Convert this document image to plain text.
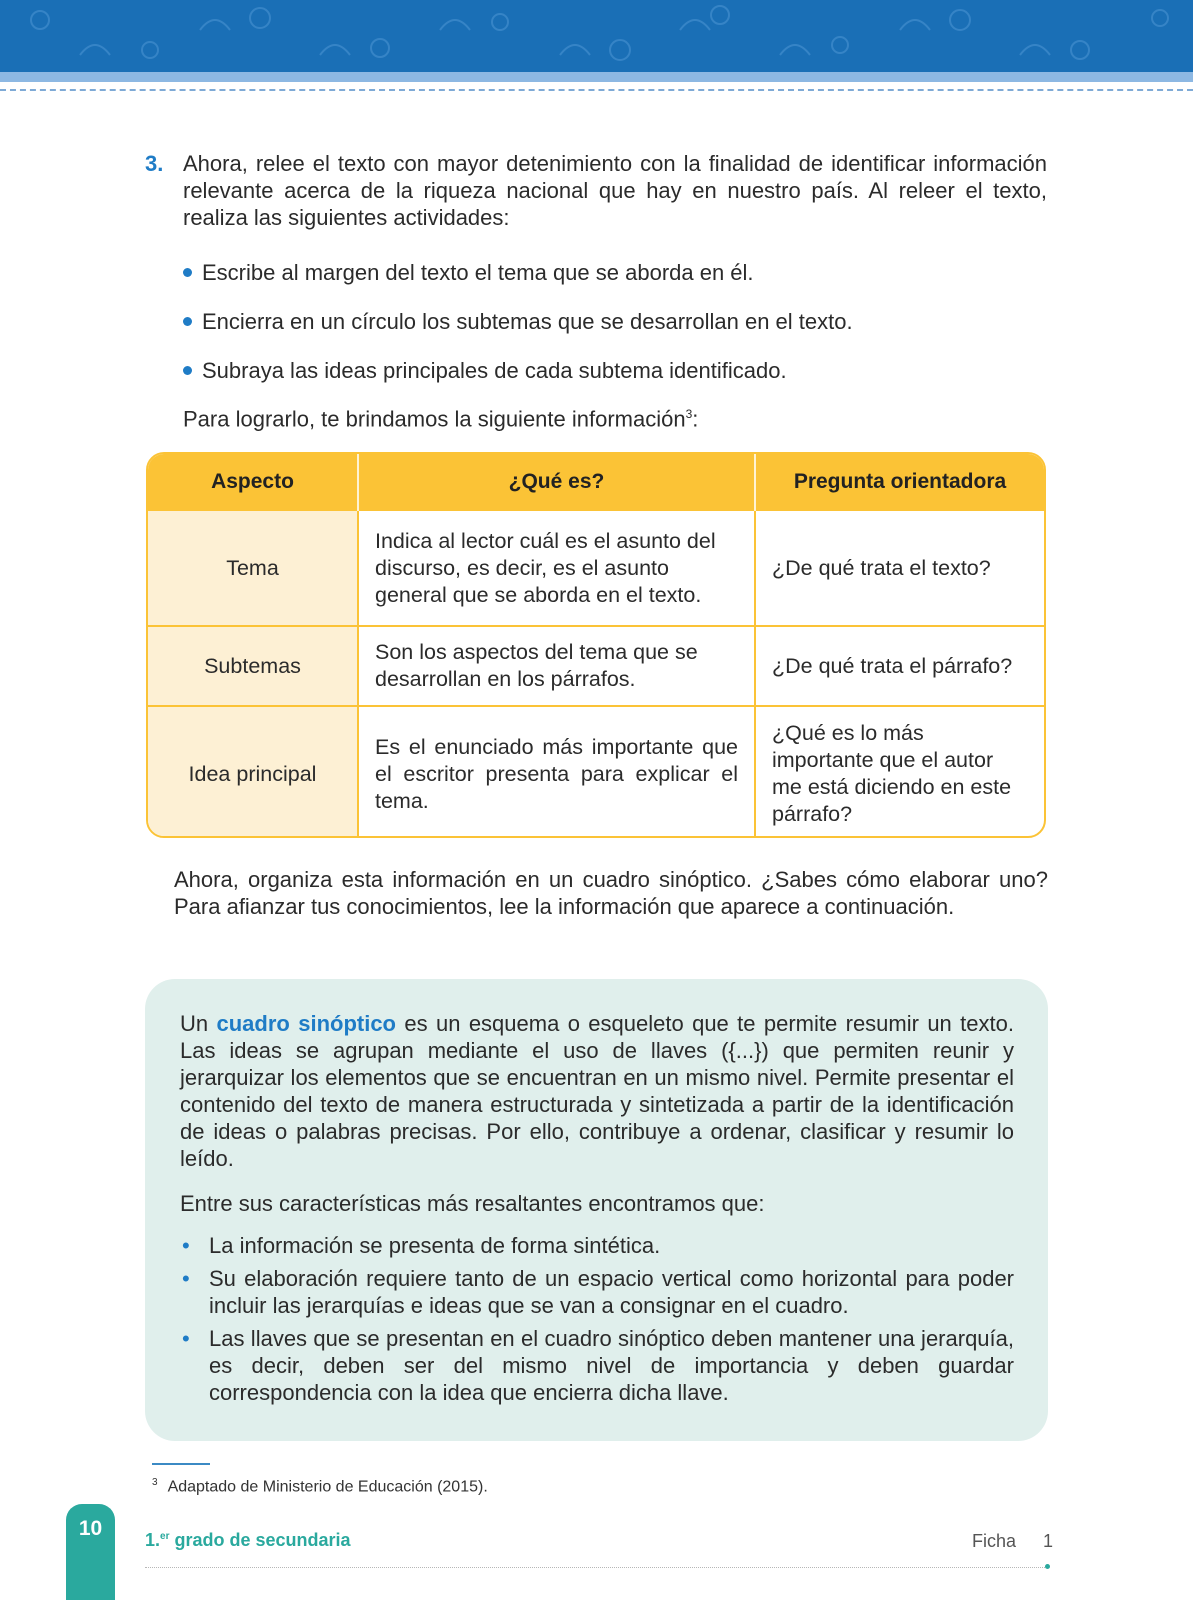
3. Ahora, relee el texto con mayor detenimiento con la finalidad de identificar información relevante acerca de la riqueza nacional que hay en nuestro país. Al releer el texto, realiza las siguientes actividades:
Escribe al margen del texto el tema que se aborda en él.
Encierra en un círculo los subtemas que se desarrollan en el texto.
Subraya las ideas principales de cada subtema identificado.
Para lograrlo, te brindamos la siguiente información$^3$:
Aspecto	¿Qué es?	Pregunta orientadora
Tema	Indica al lector cuál es el asunto del discurso, es decir, es el asunto general que se aborda en el texto.	¿De qué trata el texto?
Subtemas	Son los aspectos del tema que se desarrollan en los párrafos.	¿De qué trata el párrafo?
Idea principal	Es el enunciado más importante que el escritor presenta para explicar el tema.	¿Qué es lo más importante que el autor me está diciendo en este párrafo?
Ahora, organiza esta información en un cuadro sinóptico. ¿Sabes cómo elaborar uno? Para afianzar tus conocimientos, lee la información que aparece a continuación.
Un cuadro sinóptico es un esquema o esqueleto que te permite resumir un texto. Las ideas se agrupan mediante el uso de llaves ({...}) que permiten reunir y jerarquizar los elementos que se encuentran en un mismo nivel. Permite presentar el contenido del texto de manera estructurada y sintetizada a partir de la identificación de ideas o palabras precisas. Por ello, contribuye a ordenar, clasificar y resumir lo leído.
Entre sus características más resaltantes encontramos que:
• La información se presenta de forma sintética.
• Su elaboración requiere tanto de un espacio vertical como horizontal para poder incluir las jerarquías e ideas que se van a consignar en el cuadro.
• Las llaves que se presentan en el cuadro sinóptico deben mantener una jerarquía, es decir, deben ser del mismo nivel de importancia y deben guardar correspondencia con la idea que encierra dicha llave.
$^3$ Adaptado de Ministerio de Educación (2015).
10	1.$^{er}$ grado de secundaria	Ficha 1
